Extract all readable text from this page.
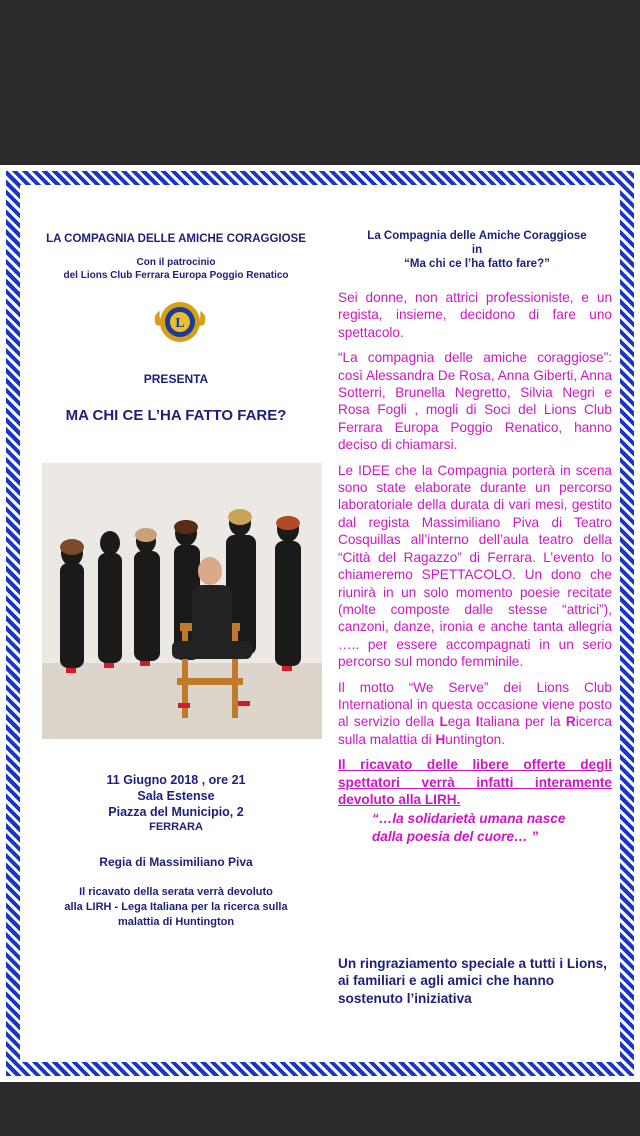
LA COMPAGNIA DELLE AMICHE CORAGGIOSE

Con il patrocinio

del Lions Club Ferrara Europa Poggio Renatico

L

PRESENTA

MA CHI CE L’HA FATTO FARE?

11 Giugno 2018 , ore 21

Sala Estense

Piazza del Municipio, 2

FERRARA

Regia di Massimiliano Piva

Il ricavato della serata verrà devoluto

alla LIRH - Lega Italiana per la ricerca sulla

malattia di Huntington

La Compagnia delle Amiche Coraggiose

in

“Ma chi ce l’ha fatto fare?”

Sei donne, non attrici professioniste, e un regista, insieme, decidono di fare uno spettacolo.

“La compagnia delle amiche coraggiose”: così Alessandra De Rosa, Anna Giberti, Anna Sotterri, Brunella Negretto, Silvia Negri e Rosa Fogli , mogli di Soci del Lions Club Ferrara Europa Poggio Renatico, hanno deciso di chiamarsi.

Le IDEE che la Compagnia porterà in scena sono state elaborate durante un percorso laboratoriale della durata di vari mesi, gestito dal regista Massimiliano Piva di Teatro Cosquillas all’interno dell’aula teatro della “Città del Ragazzo” di Ferrara. L’evento lo chiameremo SPETTACOLO. Un dono che riunirà in un solo momento poesie recitate (molte composte dalle stesse “attrici”), canzoni, danze, ironia e anche tanta allegria ….. per essere accompagnati in un serio percorso sul mondo femminile.

Il motto “We Serve” dei Lions Club International in questa occasione viene posto al servizio della Lega Italiana per la Ricerca sulla malattia di Huntington.

Il ricavato delle libere offerte degli spettatori verrà infatti interamente devoluto alla LIRH.

“…la solidarietà umana nasce

dalla poesia del cuore… ”

Un ringraziamento speciale a tutti i Lions, ai familiari e agli amici che hanno sostenuto l’iniziativa
